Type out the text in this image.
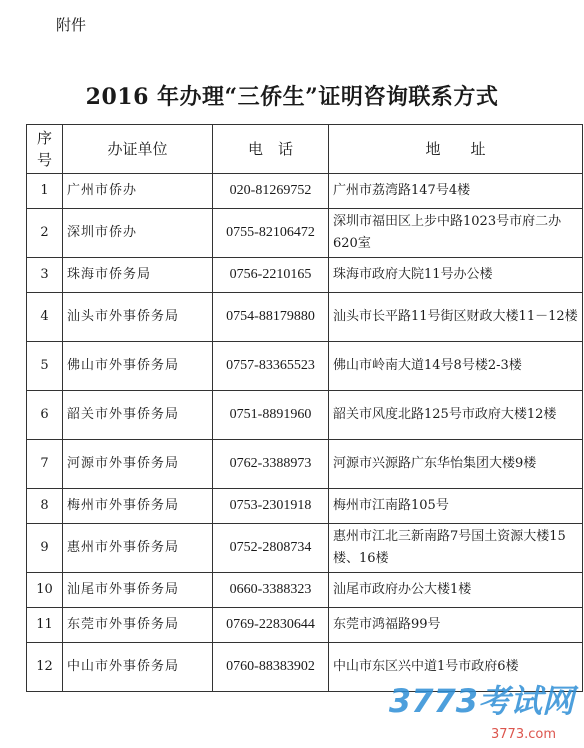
附件
2016 年办理“三侨生”证明咨询联系方式
序号	办证单位	电　话	地　　址
1	广州市侨办	020-81269752	广州市荔湾路147号4楼
2	深圳市侨办	0755-82106472	深圳市福田区上步中路1023号市府二办620室
3	珠海市侨务局	0756-2210165	珠海市政府大院11号办公楼
4	汕头市外事侨务局	0754-88179880	汕头市长平路11号街区财政大楼11－12楼
5	佛山市外事侨务局	0757-83365523	佛山市岭南大道14号8号楼2-3楼
6	韶关市外事侨务局	0751-8891960	韶关市风度北路125号市政府大楼12楼
7	河源市外事侨务局	0762-3388973	河源市兴源路广东华怡集团大楼9楼
8	梅州市外事侨务局	0753-2301918	梅州市江南路105号
9	惠州市外事侨务局	0752-2808734	惠州市江北三新南路7号国土资源大楼15楼、16楼
10	汕尾市外事侨务局	0660-3388323	汕尾市政府办公大楼1楼
11	东莞市外事侨务局	0769-22830644	东莞市鸿福路99号
12	中山市外事侨务局	0760-88383902	中山市东区兴中道1号市政府6楼
3773考试网
3773.com
